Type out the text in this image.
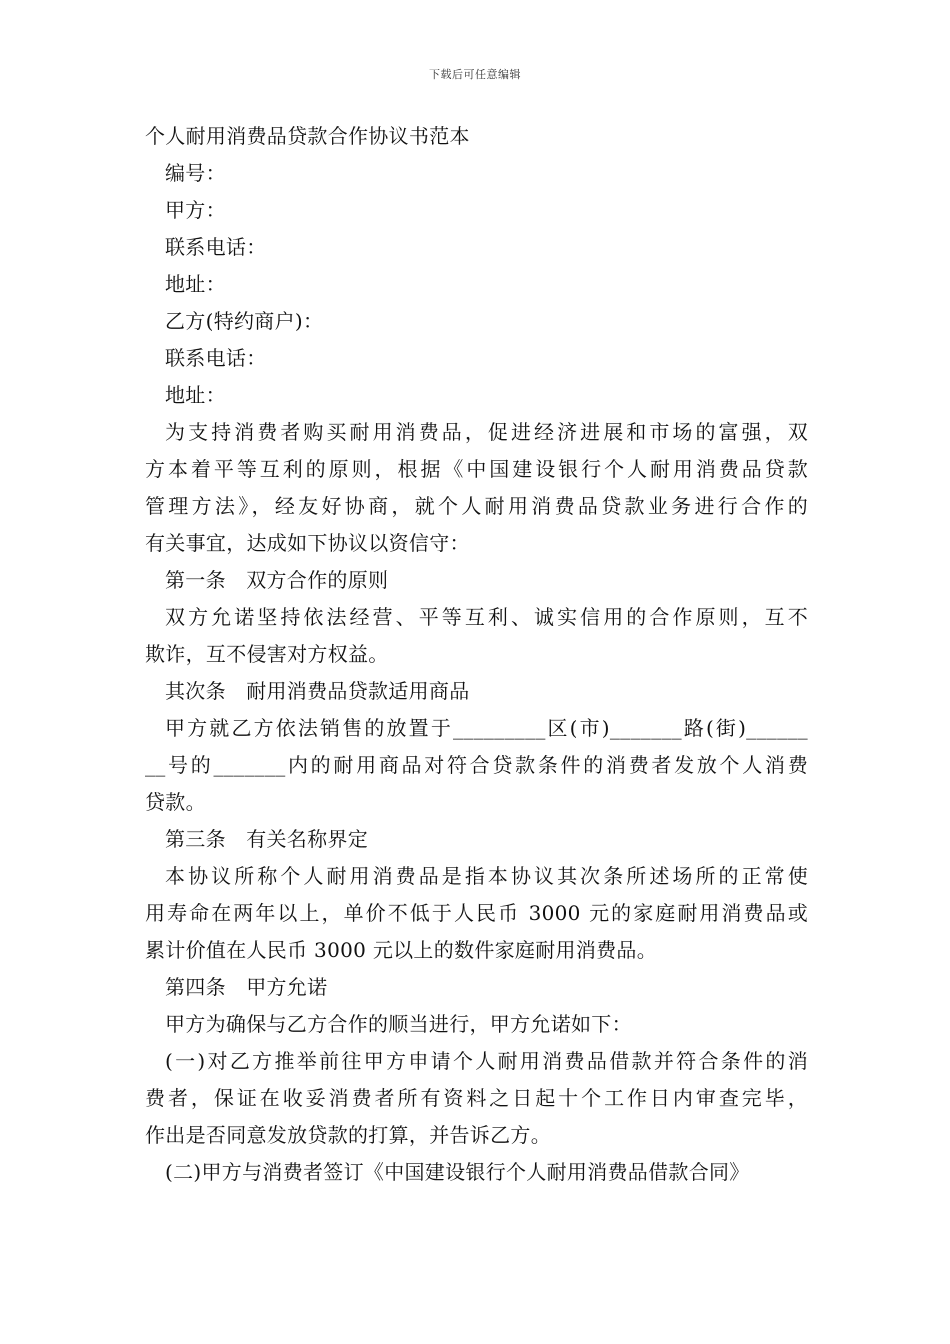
下载后可任意编辑
个人耐用消费品贷款合作协议书范本
编号：
甲方：
联系电话：
地址：
乙方(特约商户)：
联系电话：
地址：
为支持消费者购买耐用消费品，促进经济进展和市场的富强，双
方本着平等互利的原则，根据《中国建设银行个人耐用消费品贷款
管理方法》，经友好协商，就个人耐用消费品贷款业务进行合作的
有关事宜，达成如下协议以资信守：
第一条　双方合作的原则
双方允诺坚持依法经营、平等互利、诚实信用的合作原则，互不
欺诈，互不侵害对方权益。
其次条　耐用消费品贷款适用商品
甲方就乙方依法销售的放置于_________区(市)_______路(街)______
__号的_______内的耐用商品对符合贷款条件的消费者发放个人消费
贷款。
第三条　有关名称界定
本协议所称个人耐用消费品是指本协议其次条所述场所的正常使
用寿命在两年以上，单价不低于人民币 3000 元的家庭耐用消费品或
累计价值在人民币 3000 元以上的数件家庭耐用消费品。
第四条　甲方允诺
甲方为确保与乙方合作的顺当进行，甲方允诺如下：
(一)对乙方推举前往甲方申请个人耐用消费品借款并符合条件的消
费者，保证在收妥消费者所有资料之日起十个工作日内审查完毕，
作出是否同意发放贷款的打算，并告诉乙方。
(二)甲方与消费者签订《中国建设银行个人耐用消费品借款合同》
